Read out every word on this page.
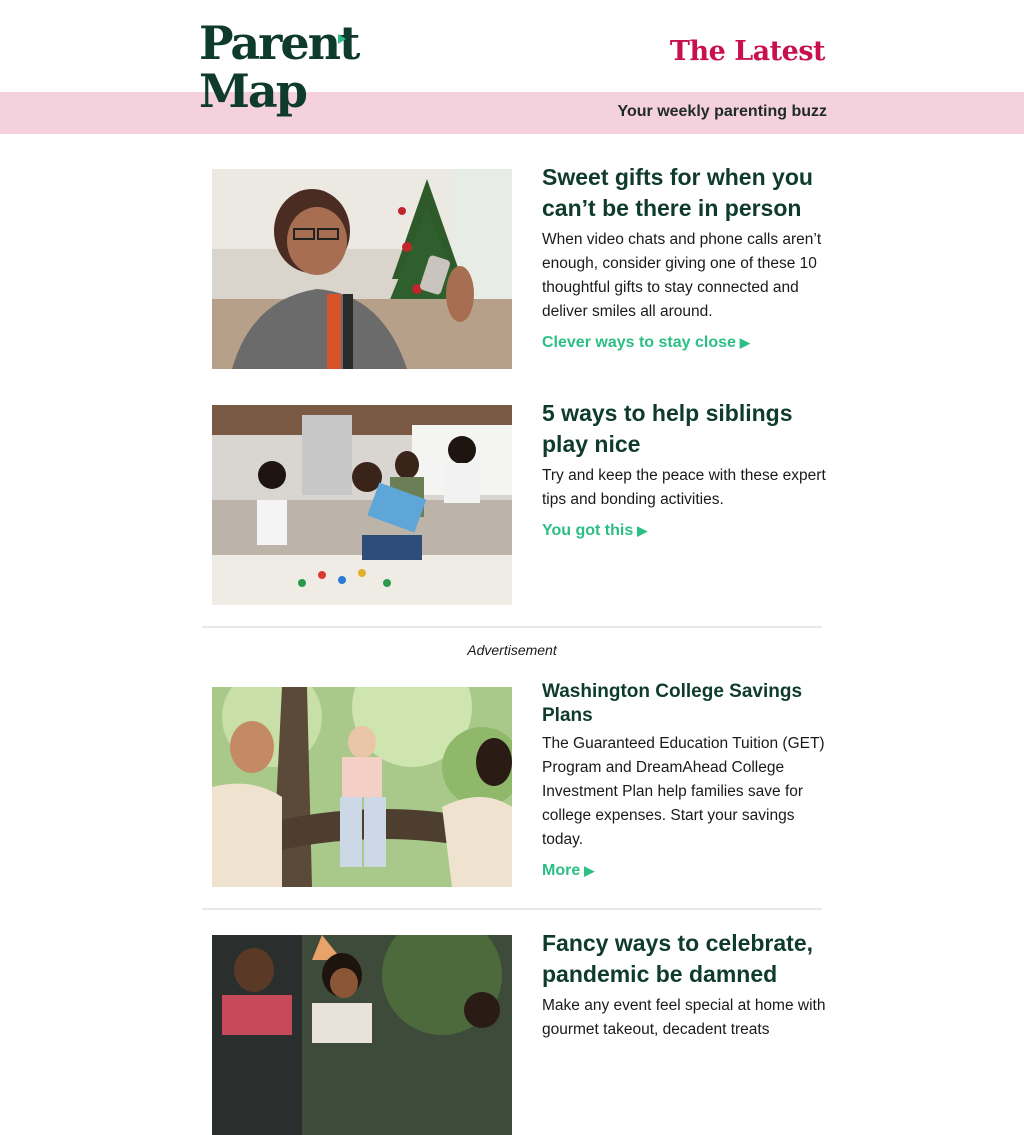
Parent
Map
The Latest
Your weekly parenting buzz
Sweet gifts for when you can’t be there in person

When video chats and phone calls aren’t enough, consider giving one of these 10 thoughtful gifts to stay connected and deliver smiles all around.

Clever ways to stay close ▶
5 ways to help siblings play nice

Try and keep the peace with these expert tips and bonding activities.

You got this ▶
Advertisement
Washington College Savings Plans

The Guaranteed Education Tuition (GET) Program and DreamAhead College Investment Plan help families save for college expenses. Start your savings today.

More ▶
Fancy ways to celebrate, pandemic be damned

Make any event feel special at home with gourmet takeout, decadent treats
